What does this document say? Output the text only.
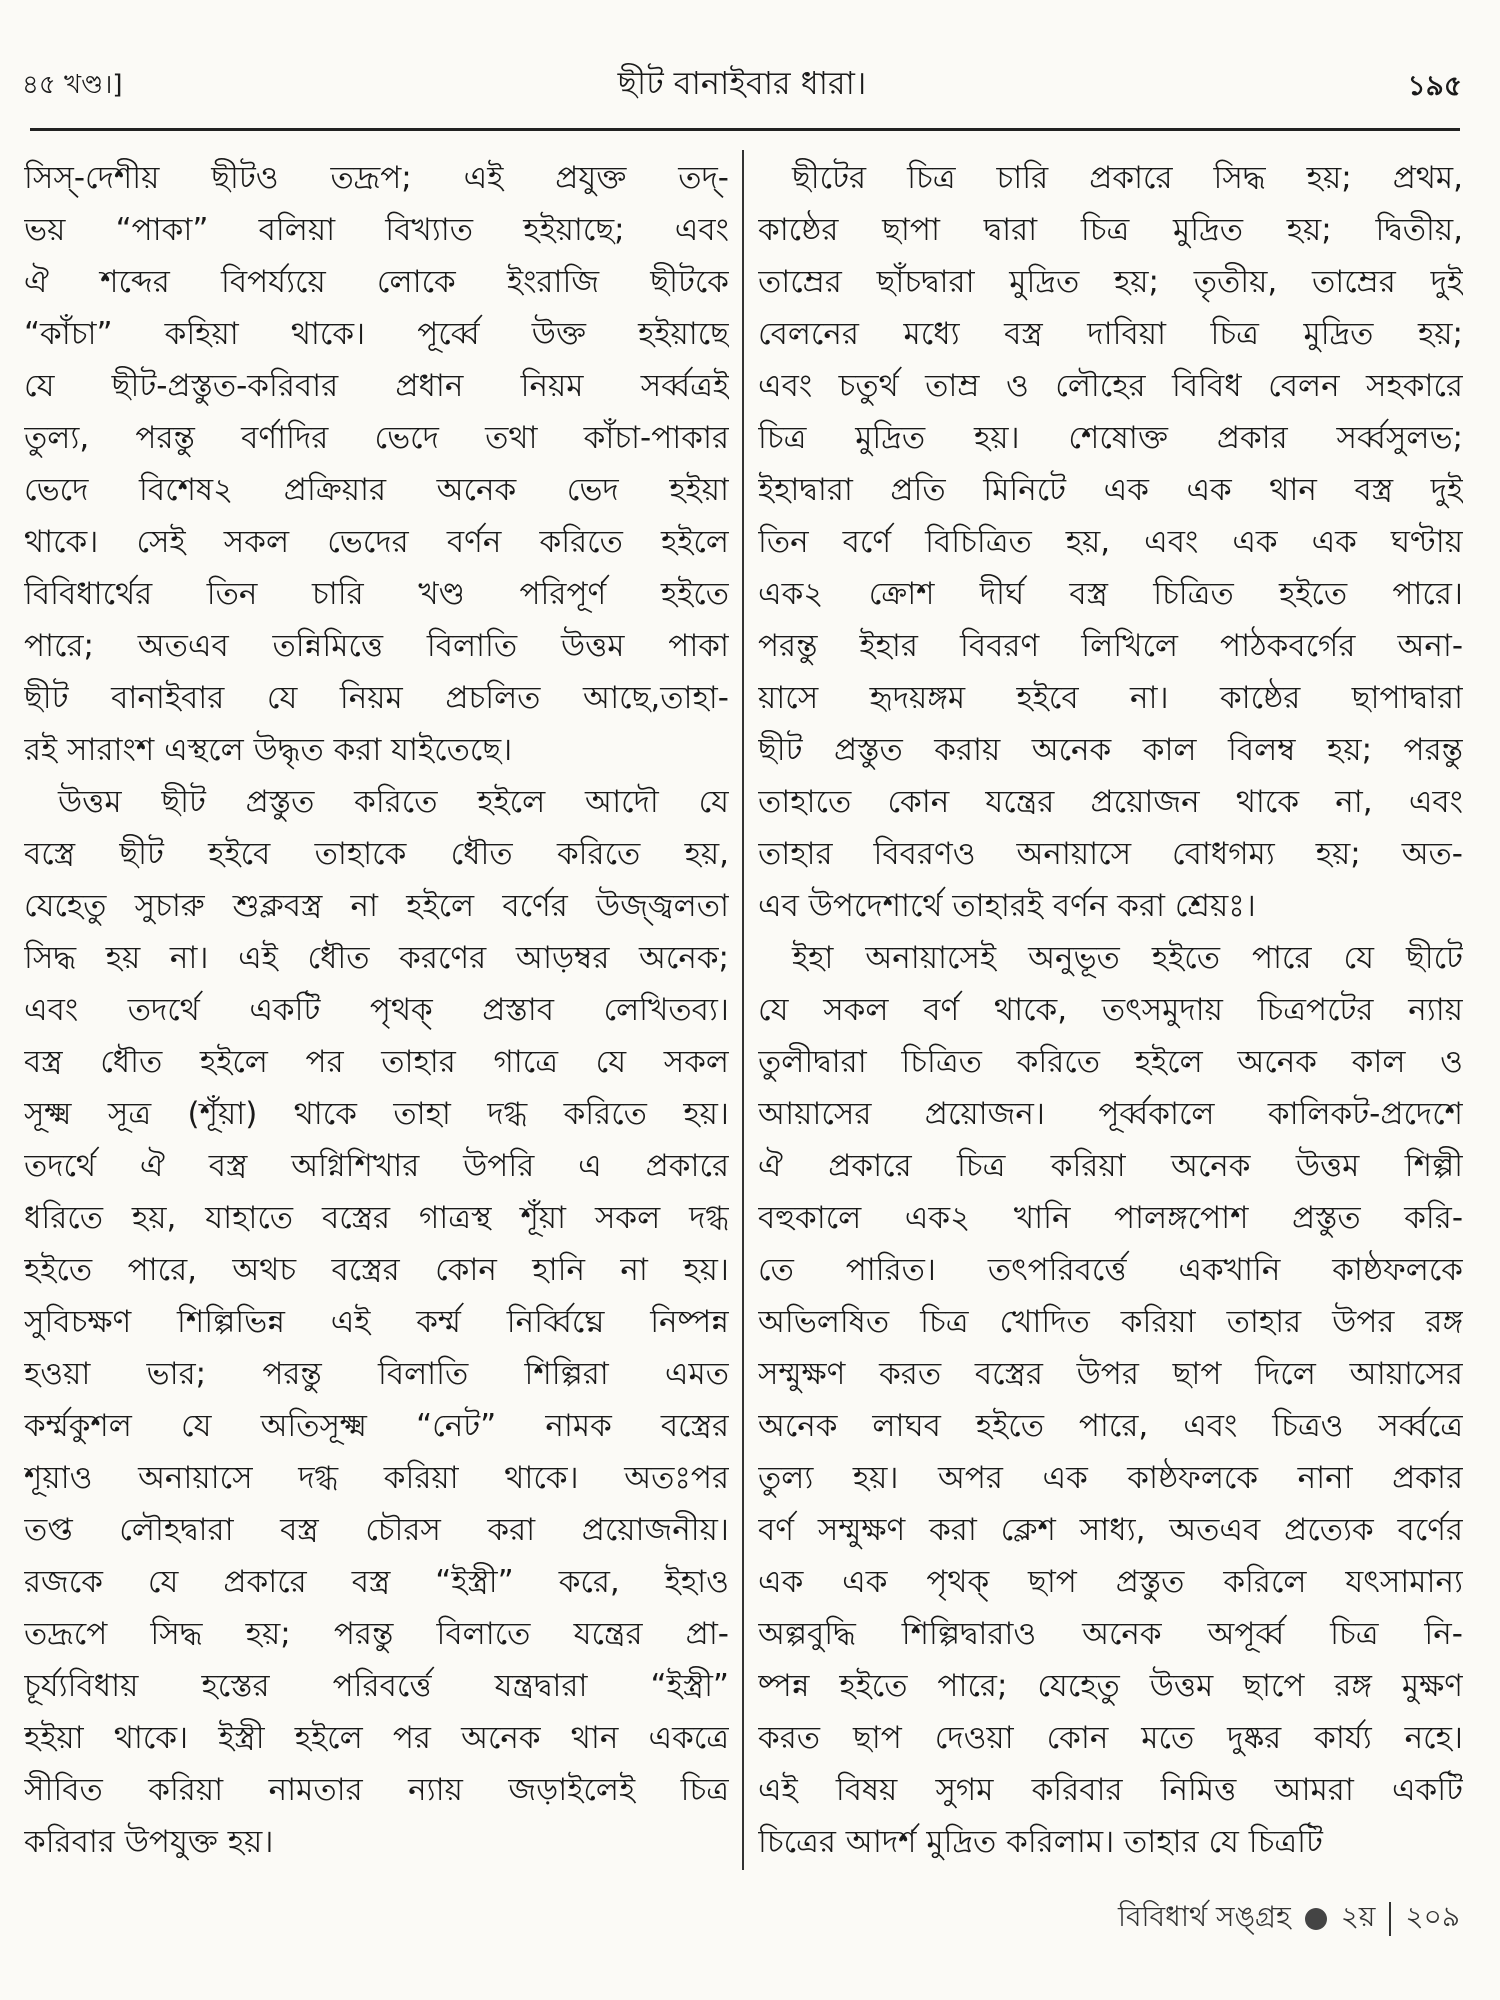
৪৫ খণ্ড।]	ছীট বানাইবার ধারা।	১৯৫
সিস্‌-দেশীয় ছীটও তদ্রূপ; এই প্রযুক্ত তদ্‌-
ভয় “পাকা” বলিয়া বিখ্যাত হইয়াছে; এবং
ঐ শব্দের বিপর্য্যয়ে লোকে ইংরাজি ছীটকে
“কাঁচা” কহিয়া থাকে। পূর্ব্বে উক্ত হইয়াছে
যে ছীট-প্রস্তুত-করিবার প্রধান নিয়ম সর্ব্বত্রই
তুল্য, পরন্তু বর্ণাদির ভেদে তথা কাঁচা-পাকার
ভেদে বিশেষ২ প্রক্রিয়ার অনেক ভেদ হইয়া
থাকে। সেই সকল ভেদের বর্ণন করিতে হইলে
বিবিধার্থের তিন চারি খণ্ড পরিপূর্ণ হইতে
পারে; অতএব তন্নিমিত্তে বিলাতি উত্তম পাকা
ছীট বানাইবার যে নিয়ম প্রচলিত আছে,তাহা-
রই সারাংশ এস্থলে উদ্ধৃত করা যাইতেছে।
উত্তম ছীট প্রস্তুত করিতে হইলে আদৌ যে
বস্ত্রে ছীট হইবে তাহাকে ধৌত করিতে হয়,
যেহেতু সুচারু শুক্লবস্ত্র না হইলে বর্ণের উজ্জ্বলতা
সিদ্ধ হয় না। এই ধৌত করণের আড়ম্বর অনেক;
এবং তদর্থে একটি পৃথক্‌ প্রস্তাব লেখিতব্য।
বস্ত্র ধৌত হইলে পর তাহার গাত্রে যে সকল
সূক্ষ্ম সূত্র (শূঁয়া) থাকে তাহা দগ্ধ করিতে হয়।
তদর্থে ঐ বস্ত্র অগ্নিশিখার উপরি এ প্রকারে
ধরিতে হয়, যাহাতে বস্ত্রের গাত্রস্থ শূঁয়া সকল দগ্ধ
হইতে পারে, অথচ বস্ত্রের কোন হানি না হয়।
সুবিচক্ষণ শিল্পিভিন্ন এই কর্ম্ম নির্ব্বিঘ্নে নিষ্পন্ন
হওয়া ভার; পরন্তু বিলাতি শিল্পিরা এমত
কর্ম্মকুশল যে অতিসূক্ষ্ম “নেট” নামক বস্ত্রের
শূয়াও অনায়াসে দগ্ধ করিয়া থাকে। অতঃপর
তপ্ত লৌহদ্বারা বস্ত্র চৌরস করা প্রয়োজনীয়।
রজকে যে প্রকারে বস্ত্র “ইস্ত্রী” করে, ইহাও
তদ্রূপে সিদ্ধ হয়; পরন্তু বিলাতে যন্ত্রের প্রা-
চূর্য্যবিধায় হস্তের পরিবর্ত্তে যন্ত্রদ্বারা “ইস্ত্রী”
হইয়া থাকে। ইস্ত্রী হইলে পর অনেক থান একত্রে
সীবিত করিয়া নামতার ন্যায় জড়াইলেই চিত্র
করিবার উপযুক্ত হয়।
ছীটের চিত্র চারি প্রকারে সিদ্ধ হয়; প্রথম,
কাষ্ঠের ছাপা দ্বারা চিত্র মুদ্রিত হয়; দ্বিতীয়,
তাম্রের ছাঁচদ্বারা মুদ্রিত হয়; তৃতীয়, তাম্রের দুই
বেলনের মধ্যে বস্ত্র দাবিয়া চিত্র মুদ্রিত হয়;
এবং চতুর্থ তাম্র ও লৌহের বিবিধ বেলন সহকারে
চিত্র মুদ্রিত হয়। শেষোক্ত প্রকার সর্ব্বসুলভ;
ইহাদ্বারা প্রতি মিনিটে এক এক থান বস্ত্র দুই
তিন বর্ণে বিচিত্রিত হয়, এবং এক এক ঘণ্টায়
এক২ ক্রোশ দীর্ঘ বস্ত্র চিত্রিত হইতে পারে।
পরন্তু ইহার বিবরণ লিখিলে পাঠকবর্গের অনা-
য়াসে হৃদয়ঙ্গম হইবে না। কাষ্ঠের ছাপাদ্বারা
ছীট প্রস্তুত করায় অনেক কাল বিলম্ব হয়; পরন্তু
তাহাতে কোন যন্ত্রের প্রয়োজন থাকে না, এবং
তাহার বিবরণও অনায়াসে বোধগম্য হয়; অত-
এব উপদেশার্থে তাহারই বর্ণন করা শ্রেয়ঃ।
ইহা অনায়াসেই অনুভূত হইতে পারে যে ছীটে
যে সকল বর্ণ থাকে, তৎসমুদায় চিত্রপটের ন্যায়
তুলীদ্বারা চিত্রিত করিতে হইলে অনেক কাল ও
আয়াসের প্রয়োজন। পূর্ব্বকালে কালিকট-প্রদেশে
ঐ প্রকারে চিত্র করিয়া অনেক উত্তম শিল্পী
বহুকালে এক২ খানি পালঙ্গপোশ প্রস্তুত করি-
তে পারিত। তৎপরিবর্ত্তে একখানি কাষ্ঠফলকে
অভিলষিত চিত্র খোদিত করিয়া তাহার উপর রঙ্গ
সম্মুক্ষণ করত বস্ত্রের উপর ছাপ দিলে আয়াসের
অনেক লাঘব হইতে পারে, এবং চিত্রও সর্ব্বত্রে
তুল্য হয়। অপর এক কাষ্ঠফলকে নানা প্রকার
বর্ণ সম্মুক্ষণ করা ক্লেশ সাধ্য, অতএব প্রত্যেক বর্ণের
এক এক পৃথক্‌ ছাপ প্রস্তুত করিলে যৎসামান্য
অল্পবুদ্ধি শিল্পিদ্বারাও অনেক অপূর্ব্ব চিত্র নি-
ষ্পন্ন হইতে পারে; যেহেতু উত্তম ছাপে রঙ্গ মুক্ষণ
করত ছাপ দেওয়া কোন মতে দুষ্কর কার্য্য নহে।
এই বিষয় সুগম করিবার নিমিত্ত আমরা একটি
চিত্রের আদর্শ মুদ্রিত করিলাম। তাহার যে চিত্রটি
বিবিধার্থ সঙ্গ্রহ ২য় ২০৯
